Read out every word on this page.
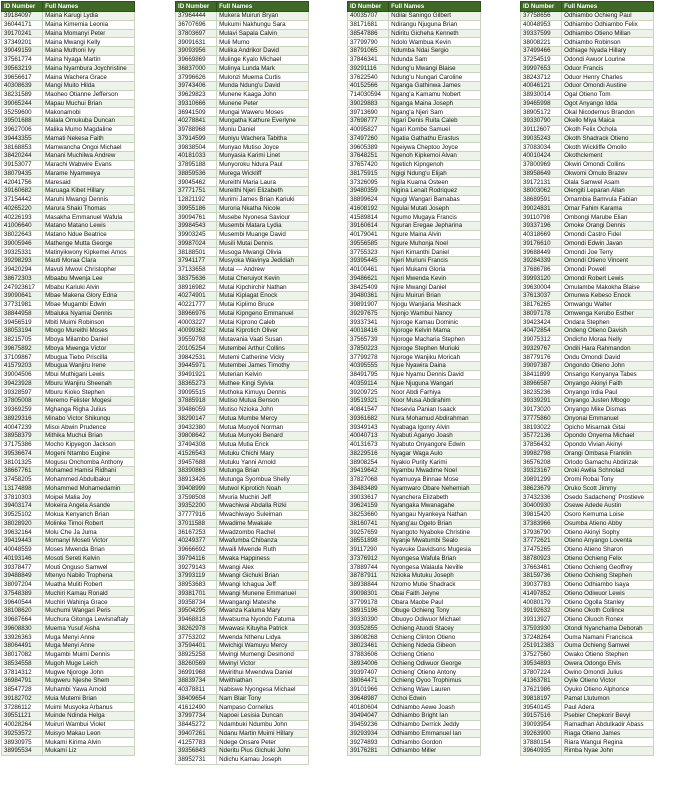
ID Number	Full Names
39184097	Maina Karugi Lydia
36044171	Maina Kimemia Leonia
39170241	Maina Momanyi Peter
37349201	Maina Mwangi Kelly
39049159	Maina Muthoni Ivy
37561774	Maina Nyaga Martin
39563219	Maina Nyambura Joychristine
39656617	Maina Wachera Grace
40308639	Mangi Muito Hilda
38231589	Maoheo Otianne Jefferson
39065244	Mapau Muchui Brian
35259600	Makonamobi
39501688	Malala Omukuba Duncan
39627006	Malika Mumo Magdaline
39443355	Mamati Nekesa Faith
38168853	Mamwancha Ongoi Michael
38420244	Manani Muchilwa Andrew
39153077	Marachi Wabwire Evans
38079435	Marame Nyamweya
42041756	Maresaid
39160682	Maruaga Kibet Hillary
37154442	Maruhi Mwangi Dennis
40265220	Marura Shaki Thomas
40226193	Masakha Emmanuel Wafula
41006640	Matano Matano Lewis
38022643	Matano Ndue Beatrice
39005946	Mathenge Mutta George
39325331	Matinyikwony Kipkemei Amos
39298293	Mauti Moraa Clara
39420294	Mavuti Mwovi Christopher
38672303	Mbaabu Mwenja Lee
247923617	Mbabu Kariuki Alvin
39090641	Mbae Makena Glory Edna
37731981	Mbae Mugambi Edwin
38844958	Mbaluka Nyamai Dennis
39456519	Mbiti Muimi Robinson
38053194	Mbogo Mureithi Moses
38215705	Mboya Milambo Daniel
39675892	Mboya Mwenga Victor
37109867	Mbugua Tiebo Priscilla
41579203	Mbugua Wanjiru Irene
39004506	Mbui Muthigani Lewis
39423928	Mburu Wanjiru Sheenah
39328597	Mburu Kioko Stephen
37805008	Meremo Felister Mogesi
39369259	Mghanga Righa Julius
38929316	Minabo Victor Shikunqu
40047239	Misoi Abwin Prudence
38958379	Mithika Muchui Brian
37175386	Mocho Kipyegon Jackson
39536674	Mogeni Ntambo Eugine
38101325	Mogusu Onchomba Anthony
38667761	Mohamed Hamisi Ridhani
37458205	Mohammed Abdulbakur
13174898	Mohammed Mohamedamin
37810303	Moipei Malia Joy
39403174	Mokeira Angela Asande
39525102	Mokua Kenyanch Brian
38028920	Molinke Timoi Robert
39632164	Molu Che Ja Juma
39419443	Momanyi Moseti Victor
40048559	Moses Mwenda Brian
40193146	Mosoti Sereti Kelvin
39378477	Mouti Onguso Samwel
39488849	Mtenyo Nabilo Trophena
38097204	Muatha Muliti Robert
37548389	Muchiri Kamau Ronald
39640544	Muchiri Wahinja Grace
38108620	Muchumi Wangari Peris
39687664	Muchura Gitonga Lewisnaftaly
39608830	Muema Yusuf Aisha
33926363	Muga Menyi Anne
38064491	Muga Menyi Anne
38017082	Mugambi Muimi Dennis
38534558	Mugoh Muge Leich
37814312	Mugwe Njoroge John
36984791	Mugweru Njeshe Shem
38547728	Muhambi Yawa Arnold
39182702	Muia Mutemi Brian
37286112	Muimi Musyoka Arbanus
39551121	Muinde Ndinda Helga
40028264	Muiruri Wambui Violet
39253572	Muisyo Makau Leon
38930975	Mukami Kirima Alvin
38995534	Mukami Liz
ID Number	Full Names
37964444	Mukera Muiruri Bryan
36707696	Mukumi Nakhungu Sara
37803697	Mulavi Sapala Calvin
39091631	Muli Mumo
39093956	Mulika Andrikor David
39669869	Mulinge Kyalo Michael
36837000	Mulinya Lunda Mark
37996626	Mulonzi Muema Curtis
39743406	Munda Ndung'u David
39629823	Munene Kaaga John
39310666	Munene Peter
36941509	Mungai Waweru Moses
40278841	Mungatha Kathure Everlyne
39788968	Muniu Daniel
37914599	Muniyu Wachera Tabitha
39838504	Munyao Mutiso Joyce
40181033	Munyasia Karimi Linet
37895188	Munyoroku Ndura Paul
38859536	Murega Wickliff
39045462	Mureithi Maria Laura
37771751	Mureithi Njeri Elizabeth
12821192	Murimi James Brian Kariuki
39955186	Muroria Nkatha Nicole
39094761	Musebe Nyonesa Saviour
39984543	Musembi Matara Lydia
39903245	Musembi Muange David
39987024	Musili Mutai Dennis
38188501	Musoga Mwangi Olivia
37941177	Musyoka Wavinya Jedidiah
37133658	Mutai --- Andrew
38375636	Mutai Cheruiyot Kevin
38916982	Mutai Kipchirchir Nathan
40274901	Mutai Kiplagat Enock
40221777	Mutai Kiplimo Bruce
38966976	Mutai Kipngeno Emmanuel
40003227	Mutai Kiprono Caleb
40099362	Mutai Kiprotich Oliver
39559798	Mutavania Vaati Susan
20105254	Mutembei Arthur Collins
39842531	Mutemi Catherine Vicky
39445971	Mutembei James Timothy
39491921	Muterian Kelvin
38365273	Muthee Kingi Sylvia
39095515	Muthoka Kimuyu Dennis
37885918	Mutiso Mutua Benson
39486059	Mutiso Nzioka John
38290147	Mutua Mumbe Mercy
39432380	Mutua Muoyoli Norman
39808642	Mutua Munyoki Benard
37494308	Mutua Mutia Erick
41526543	Mutuku Chichi Mary
39457688	Mutuku Yanni Arnold
38390863	Mutunga Brian
38913426	Mutunga Syombua Shelly
39408999	Mutwol Kiprotich Noah
37598508	Mvuria Muchiri Jeff
39352200	Mwachiwai Abdalla Rizki
37777916	Mwachiwayo Suleiman
37011588	Mwadime Mwakale
36167253	Mwadzombo Rachel
40249377	Mwafumba Chibanza
39666692	Mwaili Mwende Ruth
39794116	Mwaka Happiness
39279143	Mwangi Alex
37993119	Mwangi Gichuki Brian
38953683	Mwangi Ichagua Jeff
39381701	Mwangi Munene Emmanuel
39358734	Mwangangi Mateshe
39504295	Mwanza Kaluma Mary
39468818	Mwatsuma Nyondo Fatuma
38262978	Mwawasi Kituyha Patrick
37753202	Mwenda Nthenu Lidya
37594401	Mwichigi Wamuyu Mercy
38925258	Mwingi Mumengi Desmond
38260569	Mwinyi Victor
36991968	Mwirithui Mwendwa Daniel
38839734	Mwithiathan
40378811	Nabiswe Nyongesa Michael
38409654	Nam Blair Tony
41612490	Nampaso Cornelius
37997734	Napoei Lesisia Duncan
38445272	Ndambuki Ndumbu John
39407261	Ndanu Martin Muimi Hillary
41257783	Ndege Onsare Peter
39356843	Nderitu Pius Gichuki John
38952731	Ndichu Kamau Joseph
ID Number	Full Names
40035707	Ndilai Saningo Gilbert
38171681	Ndirangu Njuguna Brian
38547886	Ndiritu Gicheha Kenneth
37799790	Ndolo Wambua Kevin
38791065	Ndumba Ndai Sergio
37846341	Ndunda Sam
39291116	Ndung'u Mwangi Blaise
37622540	Ndung'u Nungari Caroline
40152566	Nganga Gathinwa James
714030594	Ngang'a Kamamu Nobert
39029883	Nganga Maina Joseph
39713690	Ngang'a Njeri Sam
37698777	Ngari Denis Ruita Caleb
40095827	Ngari Kombe Samuel
37497260	Ngatia Gathathu Erastus
39605389	Ngeiywa Cheptoo Joyce
37648251	Ngenoh Kipkemoi Alvan
37657420	Ngetich Kipngenoh
38175915	Ngigi Ndung'u Elijah
37326095	Ngila Kuama Osteen
39480359	Nigina Lenait Rodriquez
38899624	Ngugi Wangari Bamabas
41608192	Ngulai Mutati Joseph
41589814	Ngumo Mugaya Francis
39160614	Nguran Eregae Jepharina
40179041	Ngure Maina Alvin
39556585	Ngure Muhonja Noel
37755323	Njeri Kimanthi Daniel
39395445	Njeri Muriuni Francis
40100461	Njeri Mukami Gloria
39486621	Njeri Mwenda Kevin
38425409	Njire Mwangi Daniel
39480361	Njiru Muiruri Brian
39891907	Njogu Wanjiaria Meshack
39297675	Njonjo Wambui Nancy
39337341	Njoroge Kamau Dominic
40018416	Njoroge Kelvin Mama
37565739	Njoroge Macharia Stephen
37850223	Njoroge Stephen Muriuki
37799278	Njoroge Wanjiku Moricah
40395555	Njue Nyawira Daina
38491795	Njue Nyamu Dennis David
40359114	Njue Njuguna Wangari
39209725	Noor Abdi Farhiya
39519321	Noor Musa Abdirahim
40841547	Ntesevia Panian Isaack
39361682	Nura Mohamud Abdirahman
39349143	Nyabaga Igonry Alvin
40040713	Nyabuti Aganyo Joash
40131673	Nyabuto Onyangore Edwin
38229516	Nyagar Waga Aulo
38908254	Nyakio Purity Karimi
39419642	Nyambu Mwadime Noel
37827068	Nyamuoya Binnae Mose
38483489	Nyamwaro Obare Nehemiah
39033617	Nyanchera Elizabeth
39624159	Nyangaka Mwanagahe
38253660	Nyangau Nyankeya Nathan
38160741	Nyang'au Ogeto Brian
39257659	Nyangoto Nyaboke Christine
38551898	Nyanje Mwatumbi Sealo
39117290	Nyavuke Davidsons Mugesia
37376912	Nyongesa Wafula Brian
37889744	Nyongesa Walaula Neville
38787911	Nzioka Mutuku Joseph
38938844	Nzomo Mutie Shadrack
39098301	Obai Faith Jeiyne
37799178	Obara Maobe Paul
38915196	Obuge Ochieng Tony
39330390	Obuoyo Odiwuor Michael
39352855	Ochieng Atuodi Stacey
38608268	Ochieng Clinton Otieno
38023461	Ochieng Ndeda Gibeon
37883606	Ochieng Otieno
38934006	Ochieng Odiwuor George
39397407	Ochieng' Otieno Antony
38064471	Ochieng Oyoo Trophimus
39101966	Ochieng Waw Lauren
39648987	Ochoi Edwin
40180604	Odhiambo Aewe Joash
39494047	Odhiambo Bright Ian
39459236	Odhiambo Derrick Jeddy
39293934	Odhiambo Emmanuel Ian
39274893	Odhiambo Gordon
39176281	Odhiambo Miller
ID Number	Full Names
37758656	Odhiambo Ochieng Paul
40048953	Odhiambo Odhiambo Felix
39337599	Odhiambo Otieno Millan
38008221	Odhiambo Robinson
37499466	Odhiage Nyada Hillary
37254519	Odondi Awuor Lourine
39997653	Oduor Francis
38243712	Oduor Henry Charles
40046121	Oduor Omondi Austine
38930014	Ogal Otieno Tom
39465998	Ogot Anyango Idda
38905172	Okal Nicodemus Brandon
39330790	Okello Miya Maica
39112607	Okoth Felix Ochola
39035243	Okoth Shadrack Otieno
37083034	Okoth Wickliffe Omollo
40010424	Okothclement
37800969	Okwiri Omondi Collins
38958649	Okwomi Omulo Brazev
39172131	Olala Samwel Asam
38003062	Olengiti Leparan Allan
38689591	Omambia Bamvula Fabian
39024831	Omar Fahim Karama
39110798	Ombongi Marube Elian
39337196	Omoke Orangi Dennis
40318669	Omondi Castro Fidel
39176610	Omondi Edwin Javan
39688449	Omondi Joe Terry
39284339	Omondi Otieno Vincent
37686786	Omondi Powell
39993120	Omondi Robert Lewis
39630004	Omulambe Makokha Blaise
37613037	Omunwa Kebeso Enock
38176265	Omwangu Walter
38097178	Omwenga Kerubo Esther
39423424	Ondara Stephen
40472854	Ondeng Otieno Davish
39075312	Ondicho Moraa Nelly
39329767	Ondili Hara Rahmandon
38779176	Ondu Omondi David
39097387	Ongondo Otieno John
38411899	Onsarigo Kenyanya Tabes
38966587	Onyango Akinyi Faith
38235236	Onyango Irdia Paul
39339291	Onyango Justen Mbogo
39173020	Onyango Mike Dismas
37775860	Onyonai Emmanuel
38193022	Opicho Misarnak Gitai
35772136	Opondo Onyema Michael
37856432	Opondo Vivian Akinyi
39982798	Orangi Ombasa Franklin
36576208	Orlodo Gamachu Abdirizak
39323167	Oroki Awilia Schnolad
39891299	Oromi Robai Tony
38623679	Oruko Scott Jimmy
37432336	Osedo Sadacheng' Prostieve
30400930	Osewe Adede Austin
39815420	Osoro Kemuma Loise
37383966	Osumba Atieno Abby
37936790	Otieno Akinyi Sophy
37772621	Otieno Anyango Loventa
37475265	Otieno Atieno Sharon
38780923	Otieno Ochieng Felix
37663461	Otieno Ochieng Geoffrey
38159736	Otieno Ochieng Stephen
39037783	Otieno Odhiambo Isaya
41497852	Otieno Odiwuor Lewis
40080179	Otieno Ogolla Stanley
39192632	Otieno Okoth Collince
39313927	Otieno Oluoch Ronex
37593930	Otondi Nyanchama Deborah
37248264	Ouma Namani Francisca
251912383	Ouma Ochieng Samwel
37527560	Owako Otieno Stephen
39534893	Owera Odongo Elvis
37807224	Owino Omondi Julius
41363781	Oyile Otieno Victor
37621986	Oyuko Otieno Alphonce
39818197	Pamat Ltutumon
39540145	Paul Adera
39157516	Psebier Chepkorir Bevyl
39093954	Ramadhan Abdulkadir Abass
39263900	Riaga Otieno James
37880154	Riara Wangui Regina
39640935	Rimba Nyae John
